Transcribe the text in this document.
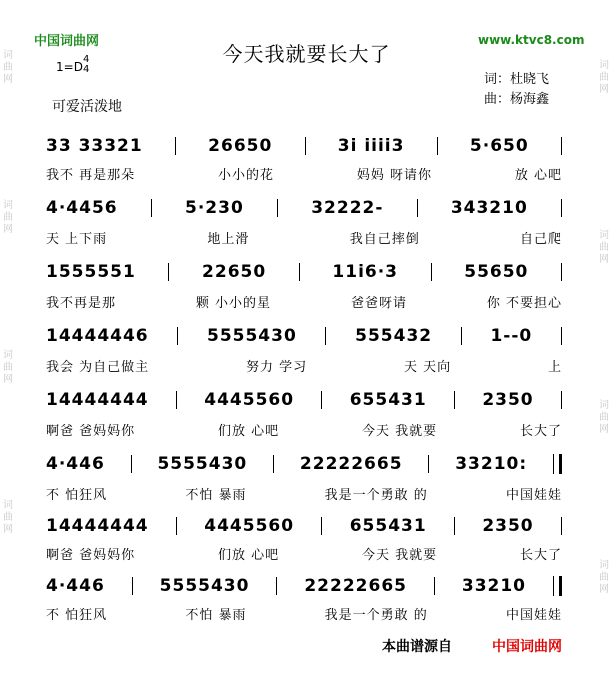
中国词曲网	www.ktvc8.com
今天我就要长大了
1=D
4
4
词：杜晓飞
曲：杨海鑫
可爱活泼地
词
曲
网
词
曲
网
词
曲
网
词
曲
网
词
曲
网
词
曲
网
词
曲
网
词
曲
网
33 33321	26650	3i iiii3	5·650
我不 再是那朵	小小的花	妈妈 呀请你	放 心吧
4·4456	5·230	32222-	343210
天 上下雨	地上滑	我自己摔倒	自己爬
1555551	22650	11i6·3	55650
我不再是那	颗 小小的星	爸爸呀请	你 不要担心
14444446	5555430	555432	1--0
我会 为自己做主	努力 学习	天 天向	上
14444444	4445560	655431	2350
啊爸 爸妈妈你	们放 心吧	今天 我就要	长大了
4·446	5555430	22222665	33210:
不 怕狂风	不怕 暴雨	我是一个勇敢 的	中国娃娃
14444444	4445560	655431	2350
啊爸 爸妈妈你	们放 心吧	今天 我就要	长大了
4·446	5555430	22222665	33210
不 怕狂风	不怕 暴雨	我是一个勇敢 的	中国娃娃
本曲谱源自	中国词曲网
